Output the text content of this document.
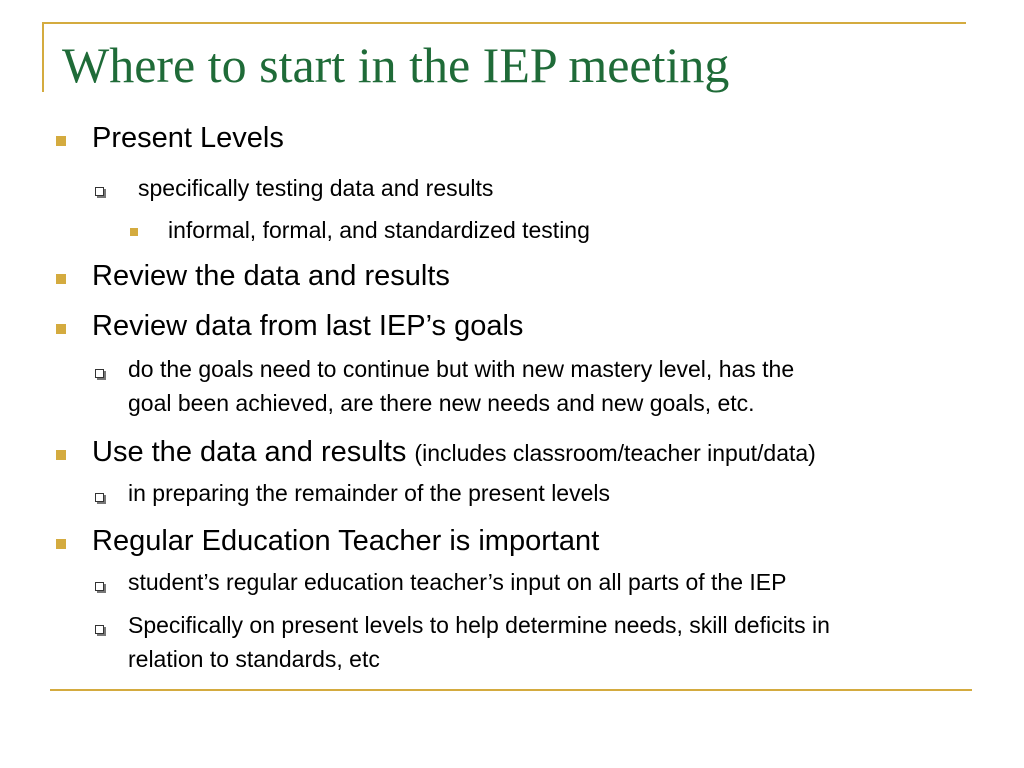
Where to start in the IEP meeting
Present Levels
specifically testing data and results
informal, formal, and standardized testing
Review the data and results
Review data from last IEP’s goals
do the goals need to continue but with new mastery level, has the
goal been achieved, are there new needs and new goals, etc.
Use the data and results (includes classroom/teacher input/data)
in preparing the remainder of the present levels
Regular Education Teacher is important
student’s regular education teacher’s input on all parts of the IEP
Specifically on present levels to help determine needs, skill deficits in
relation to standards, etc
